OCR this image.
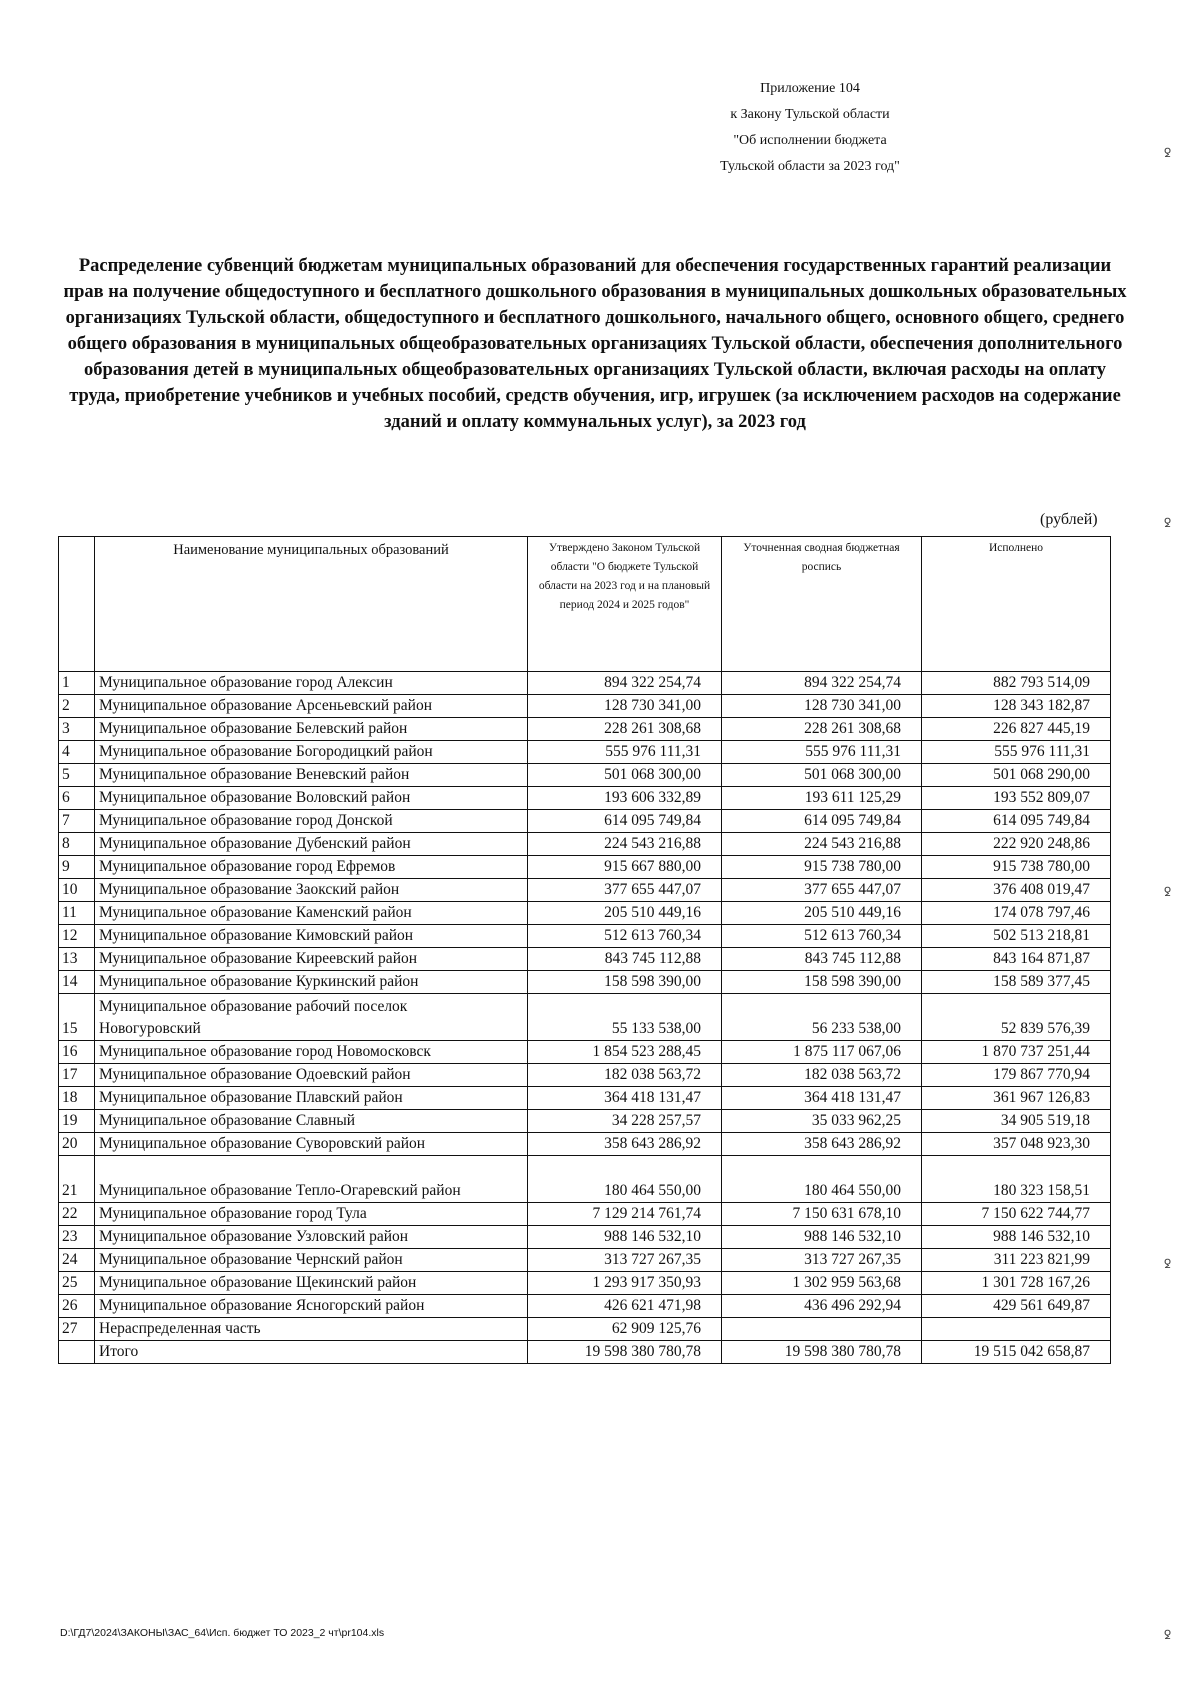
Приложение 104
к Закону Тульской области
"Об исполнении бюджета
Тульской области за 2023 год"
Распределение субвенций бюджетам муниципальных образований для обеспечения государственных гарантий реализации прав на получение общедоступного и бесплатного дошкольного образования в муниципальных дошкольных образовательных организациях Тульской области, общедоступного и бесплатного дошкольного, начального общего, основного общего, среднего общего образования в муниципальных общеобразовательных организациях Тульской области, обеспечения дополнительного образования детей в муниципальных общеобразовательных организациях Тульской области, включая расходы на оплату труда, приобретение учебников и учебных пособий, средств обучения, игр, игрушек (за исключением расходов на содержание зданий и оплату коммунальных услуг), за 2023 год
(рублей)
	Наименование муниципальных образований	Утверждено Законом Тульской области "О бюджете Тульской области на 2023 год и на плановый период 2024 и 2025 годов"	Уточненная сводная бюджетная роспись	Исполнено
1	Муниципальное образование город Алексин	894 322 254,74	894 322 254,74	882 793 514,09
2	Муниципальное образование Арсеньевский район	128 730 341,00	128 730 341,00	128 343 182,87
3	Муниципальное образование Белевский район	228 261 308,68	228 261 308,68	226 827 445,19
4	Муниципальное образование Богородицкий район	555 976 111,31	555 976 111,31	555 976 111,31
5	Муниципальное образование Веневский район	501 068 300,00	501 068 300,00	501 068 290,00
6	Муниципальное образование Воловский район	193 606 332,89	193 611 125,29	193 552 809,07
7	Муниципальное образование город Донской	614 095 749,84	614 095 749,84	614 095 749,84
8	Муниципальное образование Дубенский район	224 543 216,88	224 543 216,88	222 920 248,86
9	Муниципальное образование город Ефремов	915 667 880,00	915 738 780,00	915 738 780,00
10	Муниципальное образование Заокский район	377 655 447,07	377 655 447,07	376 408 019,47
11	Муниципальное образование Каменский район	205 510 449,16	205 510 449,16	174 078 797,46
12	Муниципальное образование Кимовский район	512 613 760,34	512 613 760,34	502 513 218,81
13	Муниципальное образование Киреевский район	843 745 112,88	843 745 112,88	843 164 871,87
14	Муниципальное образование Куркинский район	158 598 390,00	158 598 390,00	158 589 377,45
15	Муниципальное образование рабочий поселок
Новогуровский	55 133 538,00	56 233 538,00	52 839 576,39
16	Муниципальное образование город Новомосковск	1 854 523 288,45	1 875 117 067,06	1 870 737 251,44
17	Муниципальное образование Одоевский район	182 038 563,72	182 038 563,72	179 867 770,94
18	Муниципальное образование Плавский район	364 418 131,47	364 418 131,47	361 967 126,83
19	Муниципальное образование Славный	34 228 257,57	35 033 962,25	34 905 519,18
20	Муниципальное образование Суворовский район	358 643 286,92	358 643 286,92	357 048 923,30
21	Муниципальное образование Тепло-Огаревский район	180 464 550,00	180 464 550,00	180 323 158,51
22	Муниципальное образование город Тула	7 129 214 761,74	7 150 631 678,10	7 150 622 744,77
23	Муниципальное образование Узловский район	988 146 532,10	988 146 532,10	988 146 532,10
24	Муниципальное образование Чернский район	313 727 267,35	313 727 267,35	311 223 821,99
25	Муниципальное образование Щекинский район	1 293 917 350,93	1 302 959 563,68	1 301 728 167,26
26	Муниципальное образование Ясногорский район	426 621 471,98	436 496 292,94	429 561 649,87
27	Нераспределенная часть	62 909 125,76		
	Итого	19 598 380 780,78	19 598 380 780,78	19 515 042 658,87
ꝿ
ꝿ
ꝿ
ꝿ
ꝿ
D:\ГД7\2024\ЗАКОНЫ\ЗАС_64\Исп. бюджет ТО 2023_2 чт\pr104.xls
